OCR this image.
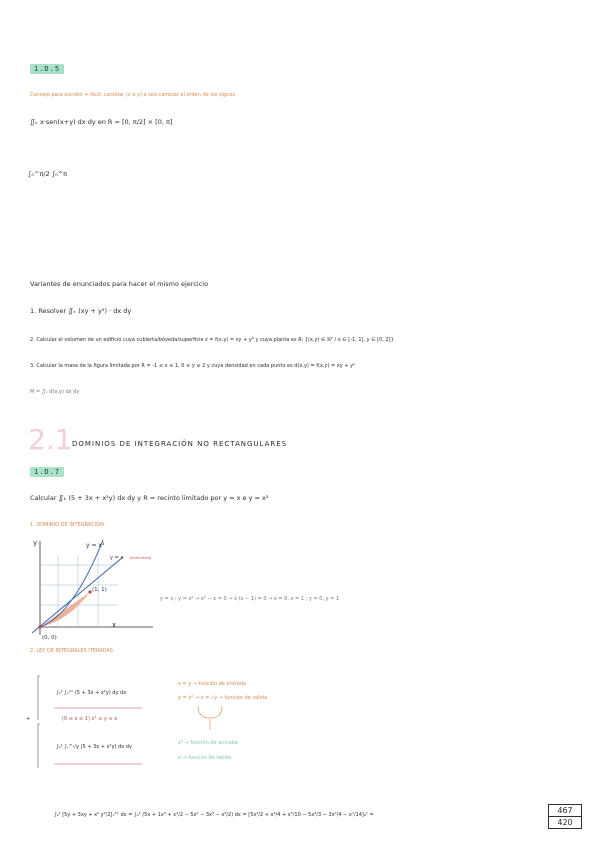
1.D.5
Consejo para escribir ↔ fácil: cambiar (x e y) o sea cambiar el orden de los signos
∬ₖ x·sen(x+y) dx dy en R = [0, π/2] × [0, π]
∫₀^π/2 ∫₀^π
Variantes de enunciados para hacer el mismo ejercicio
1. Resolver ∬ₖ (xy + y²) · dx dy
2. Calcular el volumen de un edificio cuya cubierta/bóveda/superficie z = f(x,y) = xy + y² y cuya planta es R: {(x,y) ∈ ℝ² / x ∈ [-1, 1], y ∈ [0, 2]}
3. Calcular la masa de la figura limitada por R = -1 ≤ x ≤ 1, 0 ≤ y ≤ 2 y cuya densidad en cada punto es d(x,y) = f(x,y) = xy + y²
M = ∬ₖ d(x,y) dx dy
2.1 DOMINIOS DE INTEGRACIÓN NO RECTANGULARES
1.D.7
Calcular ∬ₖ (5 + 3x + x²y) dx dy y R = recinto limitado por y = x e y = x²
1. DOMINIO DE INTEGRACIÓN
y
x
y = x²
y = x (línea recta)
(1, 1)
(0, 0)
y = x ; y = x² → x² − x = 0 → x (x − 1) = 0 → x = 0, x = 1 ; y = 0, y = 1
2. LEY DE INTEGRALES ITERADAS
∫₀¹ ∫ₓ²ˣ (5 + 3x + x²y) dy dx
(0 ≤ x ≤ 1) x² ≤ y ≤ x
+
∫₀¹ ∫ᵧ^√y (5 + 3x + x²y) dx dy
x = y → función de entrada
y = x² → x = √y → función de salida
x² → función de entrada
x → función de salida
∫₀¹ [5y + 3xy + x² y²/2]ₓ²ˣ dx = ∫₀¹ (5x + 1x³ + x⁴/2 − 5x² − 3x³ − x⁶/2) dx = [5x²/2 + x⁴/4 + x⁵/10 − 5x³/3 − 3x⁴/4 − x⁷/14]₀¹ =	$\frac{467}{420}$
